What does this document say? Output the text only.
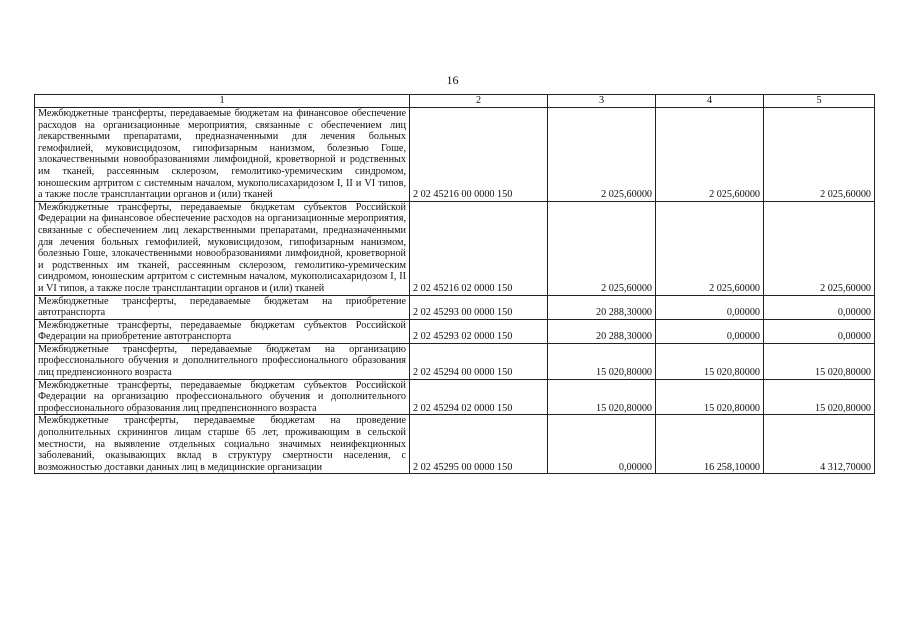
16
1	2	3	4	5
Межбюджетные трансферты, передаваемые бюджетам на финансовое обеспечение расходов на организационные мероприятия, связанные с обеспечением лиц лекарственными препаратами, предназначенными для лечения больных гемофилией, муковисцидозом, гипофизарным нанизмом, болезнью Гоше, злокачественными новообразованиями лимфоидной, кроветворной и родственных им тканей, рассеянным склерозом, гемолитико-уремическим синдромом, юношеским артритом с системным началом, мукополисахаридозом I, II и VI типов, а также после трансплантации органов и (или) тканей	2 02 45216 00 0000 150	2 025,60000	2 025,60000	2 025,60000
Межбюджетные трансферты, передаваемые бюджетам субъектов Российской Федерации на финансовое обеспечение расходов на организационные мероприятия, связанные с обеспечением лиц лекарственными препаратами, предназначенными для лечения больных гемофилией, муковисцидозом, гипофизарным нанизмом, болезнью Гоше, злокачественными новообразованиями лимфоидной, кроветворной и родственных им тканей, рассеянным склерозом, гемолитико-уремическим синдромом, юношеским артритом с системным началом, мукополисахаридозом I, II и VI типов, а также после трансплантации органов и (или) тканей	2 02 45216 02 0000 150	2 025,60000	2 025,60000	2 025,60000
Межбюджетные трансферты, передаваемые бюджетам на приобретение автотранспорта	2 02 45293 00 0000 150	20 288,30000	0,00000	0,00000
Межбюджетные трансферты, передаваемые бюджетам субъектов Российской Федерации на приобретение автотранспорта	2 02 45293 02 0000 150	20 288,30000	0,00000	0,00000
Межбюджетные трансферты, передаваемые бюджетам на организацию профессионального обучения и дополнительного профессионального образования лиц предпенсионного возраста	2 02 45294 00 0000 150	15 020,80000	15 020,80000	15 020,80000
Межбюджетные трансферты, передаваемые бюджетам субъектов Российской Федерации на организацию профессионального обучения и дополнительного профессионального образования лиц предпенсионного возраста	2 02 45294 02 0000 150	15 020,80000	15 020,80000	15 020,80000
Межбюджетные трансферты, передаваемые бюджетам на проведение дополнительных скринингов лицам старше 65 лет, проживающим в сельской местности, на выявление отдельных социально значимых неинфекционных заболеваний, оказывающих вклад в структуру смертности населения, с возможностью доставки данных лиц в медицинские организации	2 02 45295 00 0000 150	0,00000	16 258,10000	4 312,70000
